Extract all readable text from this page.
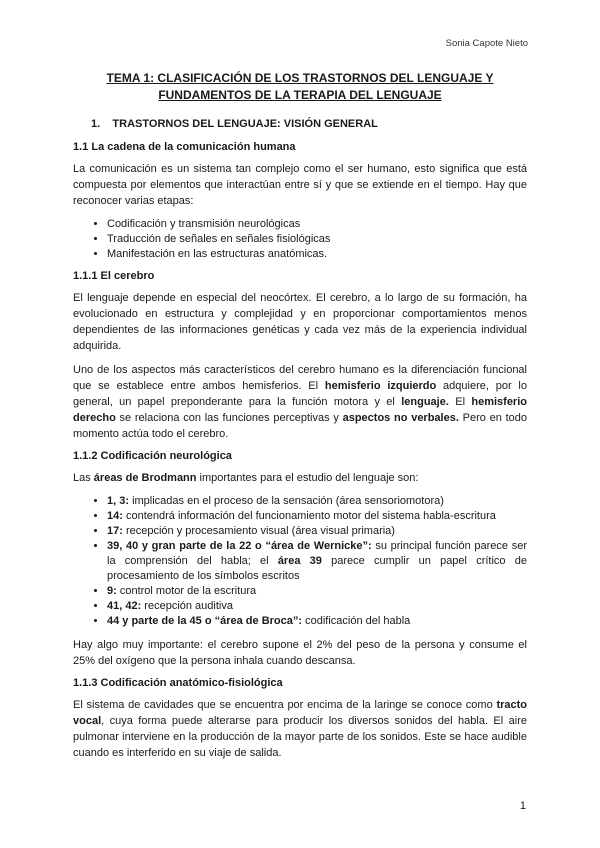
Sonia Capote Nieto
TEMA 1: CLASIFICACIÓN DE LOS TRASTORNOS DEL LENGUAJE Y FUNDAMENTOS DE LA TERAPIA DEL LENGUAJE
1. TRASTORNOS DEL LENGUAJE: VISIÓN GENERAL
1.1 La cadena de la comunicación humana

La comunicación es un sistema tan complejo como el ser humano, esto significa que está compuesta por elementos que interactúan entre sí y que se extiende en el tiempo. Hay que reconocer varias etapas:

• Codificación y transmisión neurológicas
• Traducción de señales en señales fisiológicas
• Manifestación en las estructuras anatómicas.
1.1.1 El cerebro

El lenguaje depende en especial del neocórtex. El cerebro, a lo largo de su formación, ha evolucionado en estructura y complejidad y en proporcionar comportamientos menos dependientes de las informaciones genéticas y cada vez más de la experiencia individual adquirida.

Uno de los aspectos más característicos del cerebro humano es la diferenciación funcional que se establece entre ambos hemisferios. El hemisferio izquierdo adquiere, por lo general, un papel preponderante para la función motora y el lenguaje. El hemisferio derecho se relaciona con las funciones perceptivas y aspectos no verbales. Pero en todo momento actúa todo el cerebro.

1.1.2 Codificación neurológica

Las áreas de Brodmann importantes para el estudio del lenguaje son:

• 1, 3: implicadas en el proceso de la sensación (área sensoriomotora)
• 14: contendrá información del funcionamiento motor del sistema habla-escritura
• 17: recepción y procesamiento visual (área visual primaria)
• 39, 40 y gran parte de la 22 o “área de Wernicke”: su principal función parece ser la comprensión del habla; el área 39 parece cumplir un papel crítico de procesamiento de los símbolos escritos
• 9: control motor de la escritura
• 41, 42: recepción auditiva
• 44 y parte de la 45 o “área de Broca”: codificación del habla

Hay algo muy importante: el cerebro supone el 2% del peso de la persona y consume el 25% del oxígeno que la persona inhala cuando descansa.

1.1.3 Codificación anatómico-fisiológica

El sistema de cavidades que se encuentra por encima de la laringe se conoce como tracto vocal, cuya forma puede alterarse para producir los diversos sonidos del habla. El aire pulmonar interviene en la producción de la mayor parte de los sonidos. Este se hace audible cuando es interferido en su viaje de salida.

1
